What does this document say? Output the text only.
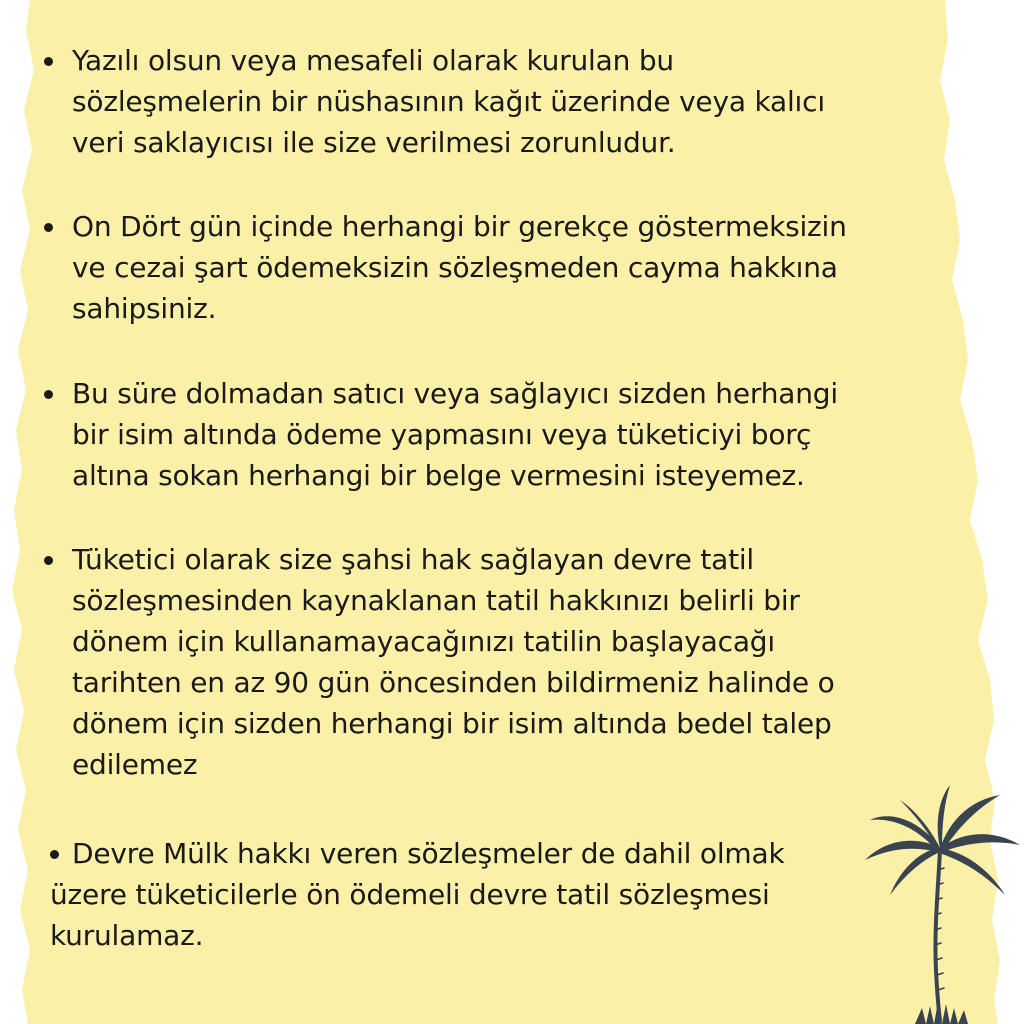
Yazılı olsun veya mesafeli olarak kurulan bu
sözleşmelerin bir nüshasının kağıt üzerinde veya kalıcı
veri saklayıcısı ile size verilmesi zorunludur.
On Dört gün içinde herhangi bir gerekçe göstermeksizin
ve cezai şart ödemeksizin sözleşmeden cayma hakkına
sahipsiniz.
Bu süre dolmadan satıcı veya sağlayıcı sizden herhangi
bir isim altında ödeme yapmasını veya tüketiciyi borç
altına sokan herhangi bir belge vermesini isteyemez.
Tüketici olarak size şahsi hak sağlayan devre tatil
sözleşmesinden kaynaklanan tatil hakkınızı belirli bir
dönem için kullanamayacağınızı tatilin başlayacağı
tarihten en az 90 gün öncesinden bildirmeniz halinde o
dönem için sizden herhangi bir isim altında bedel talep
edilemez
Devre Mülk hakkı veren sözleşmeler de dahil olmak
üzere tüketicilerle ön ödemeli devre tatil sözleşmesi
kurulamaz.
